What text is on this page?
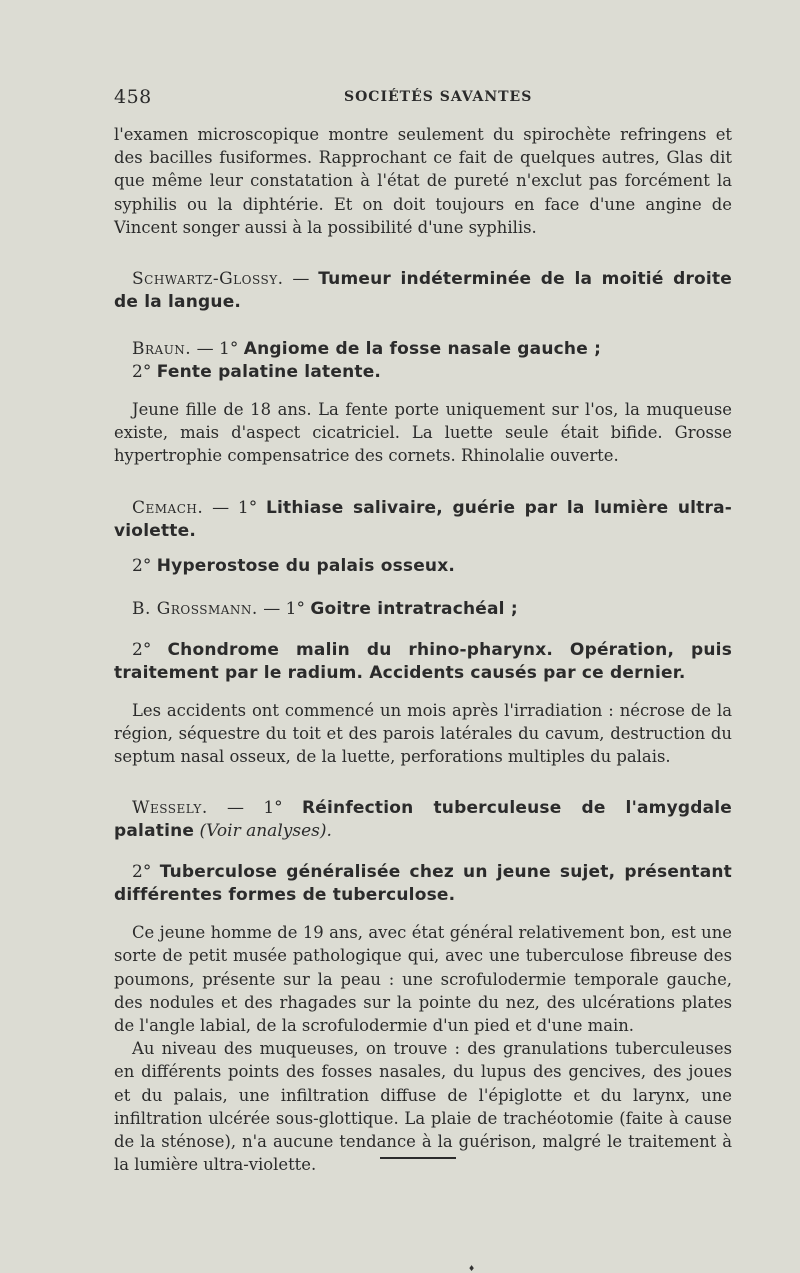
458	SOCIÉTÉS SAVANTES

l'examen microscopique montre seulement du spirochète refringens et des bacilles fusiformes. Rapprochant ce fait de quelques autres, Glas dit que même leur constatation à l'état de pureté n'exclut pas forcément la syphilis ou la diphtérie. Et on doit toujours en face d'une angine de Vincent songer aussi à la possibilité d'une syphilis.

Schwartz-Glossy. — Tumeur indéterminée de la moitié droite de la langue.

Braun. — 1° Angiome de la fosse nasale gauche ;

2° Fente palatine latente.

Jeune fille de 18 ans. La fente porte uniquement sur l'os, la muqueuse existe, mais d'aspect cicatriciel. La luette seule était bifide. Grosse hypertrophie compensatrice des cornets. Rhinolalie ouverte.

Cemach. — 1° Lithiase salivaire, guérie par la lumière ultra-violette.

2° Hyperostose du palais osseux.

B. Grossmann. — 1° Goitre intratrachéal ;

2° Chondrome malin du rhino-pharynx. Opération, puis traitement par le radium. Accidents causés par ce dernier.

Les accidents ont commencé un mois après l'irradiation : nécrose de la région, séquestre du toit et des parois latérales du cavum, destruction du septum nasal osseux, de la luette, perforations multiples du palais.

Wessely. — 1° Réinfection tuberculeuse de l'amygdale palatine (Voir analyses).

2° Tuberculose généralisée chez un jeune sujet, présentant différentes formes de tuberculose.

Ce jeune homme de 19 ans, avec état général relativement bon, est une sorte de petit musée pathologique qui, avec une tuberculose fibreuse des poumons, présente sur la peau : une scrofulodermie temporale gauche, des nodules et des rhagades sur la pointe du nez, des ulcérations plates de l'angle labial, de la scrofulodermie d'un pied et d'une main.

Au niveau des muqueuses, on trouve : des granulations tuberculeuses en différents points des fosses nasales, du lupus des gencives, des joues et du palais, une infiltration diffuse de l'épiglotte et du larynx, une infiltration ulcérée sous-glottique. La plaie de trachéotomie (faite à cause de la sténose), n'a aucune tendance à la guérison, malgré le traitement à la lumière ultra-violette.

♦
